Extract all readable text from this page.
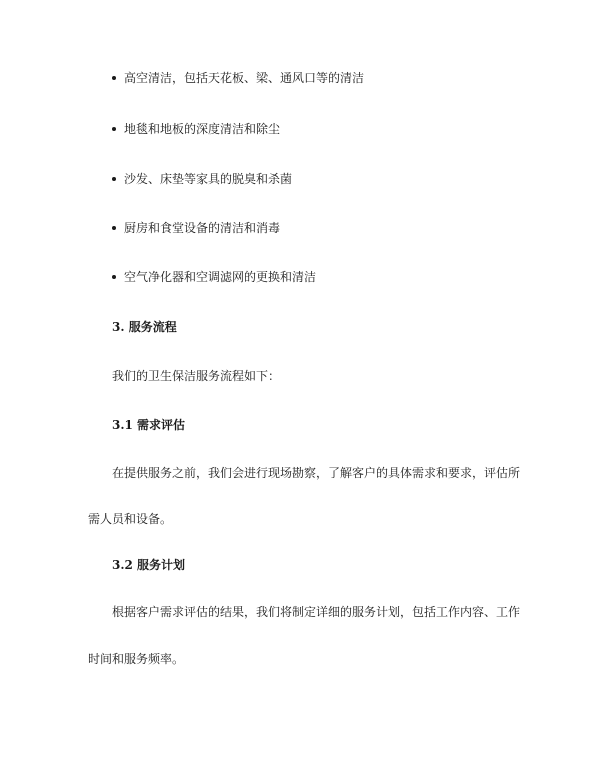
高空清洁，包括天花板、梁、通风口等的清洁
地毯和地板的深度清洁和除尘
沙发、床垫等家具的脱臭和杀菌
厨房和食堂设备的清洁和消毒
空气净化器和空调滤网的更换和清洁
3. 服务流程
我们的卫生保洁服务流程如下：
3.1 需求评估
在提供服务之前，我们会进行现场勘察，了解客户的具体需求和要求，评估所
需人员和设备。
3.2 服务计划
根据客户需求评估的结果，我们将制定详细的服务计划，包括工作内容、工作
时间和服务频率。
